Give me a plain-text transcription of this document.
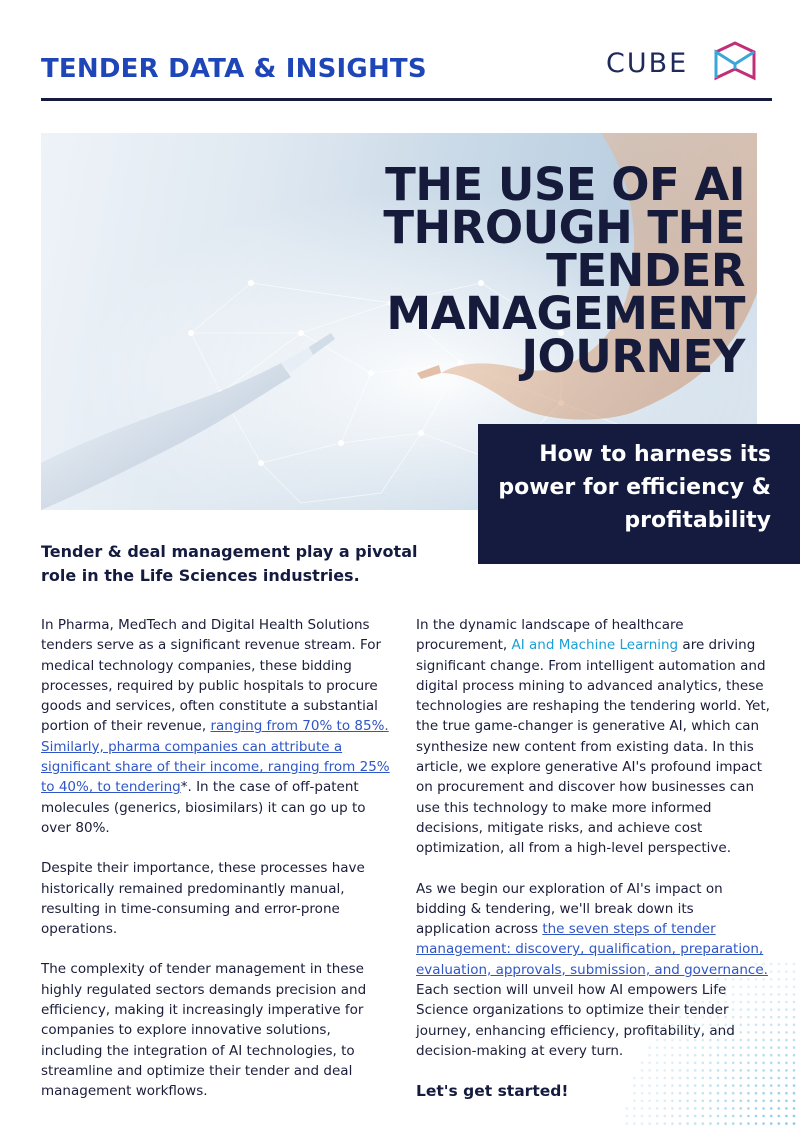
TENDER DATA & INSIGHTS	CUBE
THE USE OF AI
THROUGH THE
TENDER
MANAGEMENT
JOURNEY
How to harness its
power for efficiency &
profitability
Tender & deal management play a pivotal role in the Life Sciences industries.

In Pharma, MedTech and Digital Health Solutions tenders serve as a significant revenue stream. For medical technology companies, these bidding processes, required by public hospitals to procure goods and services, often constitute a substantial portion of their revenue, ranging from 70% to 85%. Similarly, pharma companies can attribute a significant share of their income, ranging from 25% to 40%, to tendering*. In the case of off-patent molecules (generics, biosimilars) it can go up to over 80%.

Despite their importance, these processes have historically remained predominantly manual, resulting in time-consuming and error-prone operations.

The complexity of tender management in these highly regulated sectors demands precision and efficiency, making it increasingly imperative for companies to explore innovative solutions, including the integration of AI technologies, to streamline and optimize their tender and deal management workflows.

In the dynamic landscape of healthcare procurement, AI and Machine Learning are driving significant change. From intelligent automation and digital process mining to advanced analytics, these technologies are reshaping the tendering world. Yet, the true game-changer is generative AI, which can synthesize new content from existing data. In this article, we explore generative AI's profound impact on procurement and discover how businesses can use this technology to make more informed decisions, mitigate risks, and achieve cost optimization, all from a high-level perspective.

As we begin our exploration of AI's impact on bidding & tendering, we'll break down its application across the seven steps of tender management: discovery, qualification, preparation, evaluation, approvals, submission, and governance. Each section will unveil how AI empowers Life Science organizations to optimize their tender journey, enhancing efficiency, profitability, and decision-making at every turn.

Let's get started!
